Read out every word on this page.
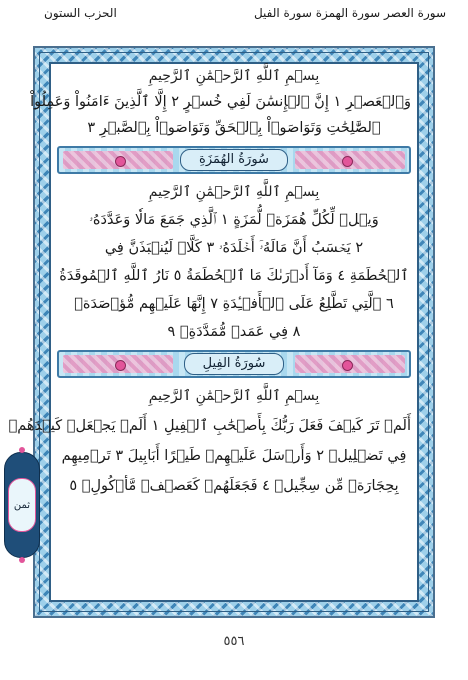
سورة العصر سورة الهمزة سورة الفيل
الحزب الستون
بِسۡمِ ٱللَّهِ ٱلرَّحۡمَٰنِ ٱلرَّحِيمِ
وَٱلۡعَصۡرِ ١ إِنَّ ٱلۡإِنسَٰنَ لَفِي خُسۡرٍ ٢ إِلَّا ٱلَّذِينَ ءَامَنُواْ وَعَمِلُواْ
ٱلصَّٰلِحَٰتِ وَتَوَاصَوۡاْ بِٱلۡحَقِّ وَتَوَاصَوۡاْ بِٱلصَّبۡرِ ٣
سُورَةُ الهُمَزَةِ
بِسۡمِ ٱللَّهِ ٱلرَّحۡمَٰنِ ٱلرَّحِيمِ
وَيۡلٞ لِّكُلِّ هُمَزَةٖ لُّمَزَةٍ ١ ٱلَّذِي جَمَعَ مَالٗا وَعَدَّدَهُۥ
٢ يَحۡسَبُ أَنَّ مَالَهُۥٓ أَخۡلَدَهُۥ ٣ كَلَّاۖ لَيُنۢبَذَنَّ فِي
ٱلۡحُطَمَةِ ٤ وَمَآ أَدۡرَىٰكَ مَا ٱلۡحُطَمَةُ ٥ نَارُ ٱللَّهِ ٱلۡمُوقَدَةُ
٦ ٱلَّتِي تَطَّلِعُ عَلَى ٱلۡأَفۡـِٔدَةِ ٧ إِنَّهَا عَلَيۡهِم مُّؤۡصَدَةٞ
٨ فِي عَمَدٖ مُّمَدَّدَةِۭ ٩
سُورَةُ الفِيلِ
بِسۡمِ ٱللَّهِ ٱلرَّحۡمَٰنِ ٱلرَّحِيمِ
أَلَمۡ تَرَ كَيۡفَ فَعَلَ رَبُّكَ بِأَصۡحَٰبِ ٱلۡفِيلِ ١ أَلَمۡ يَجۡعَلۡ كَيۡدَهُمۡ
فِي تَضۡلِيلٖ ٢ وَأَرۡسَلَ عَلَيۡهِمۡ طَيۡرًا أَبَابِيلَ ٣ تَرۡمِيهِم
بِحِجَارَةٖ مِّن سِجِّيلٖ ٤ فَجَعَلَهُمۡ كَعَصۡفٖ مَّأۡكُولِۭ ٥
ثمن
٥٥٦
